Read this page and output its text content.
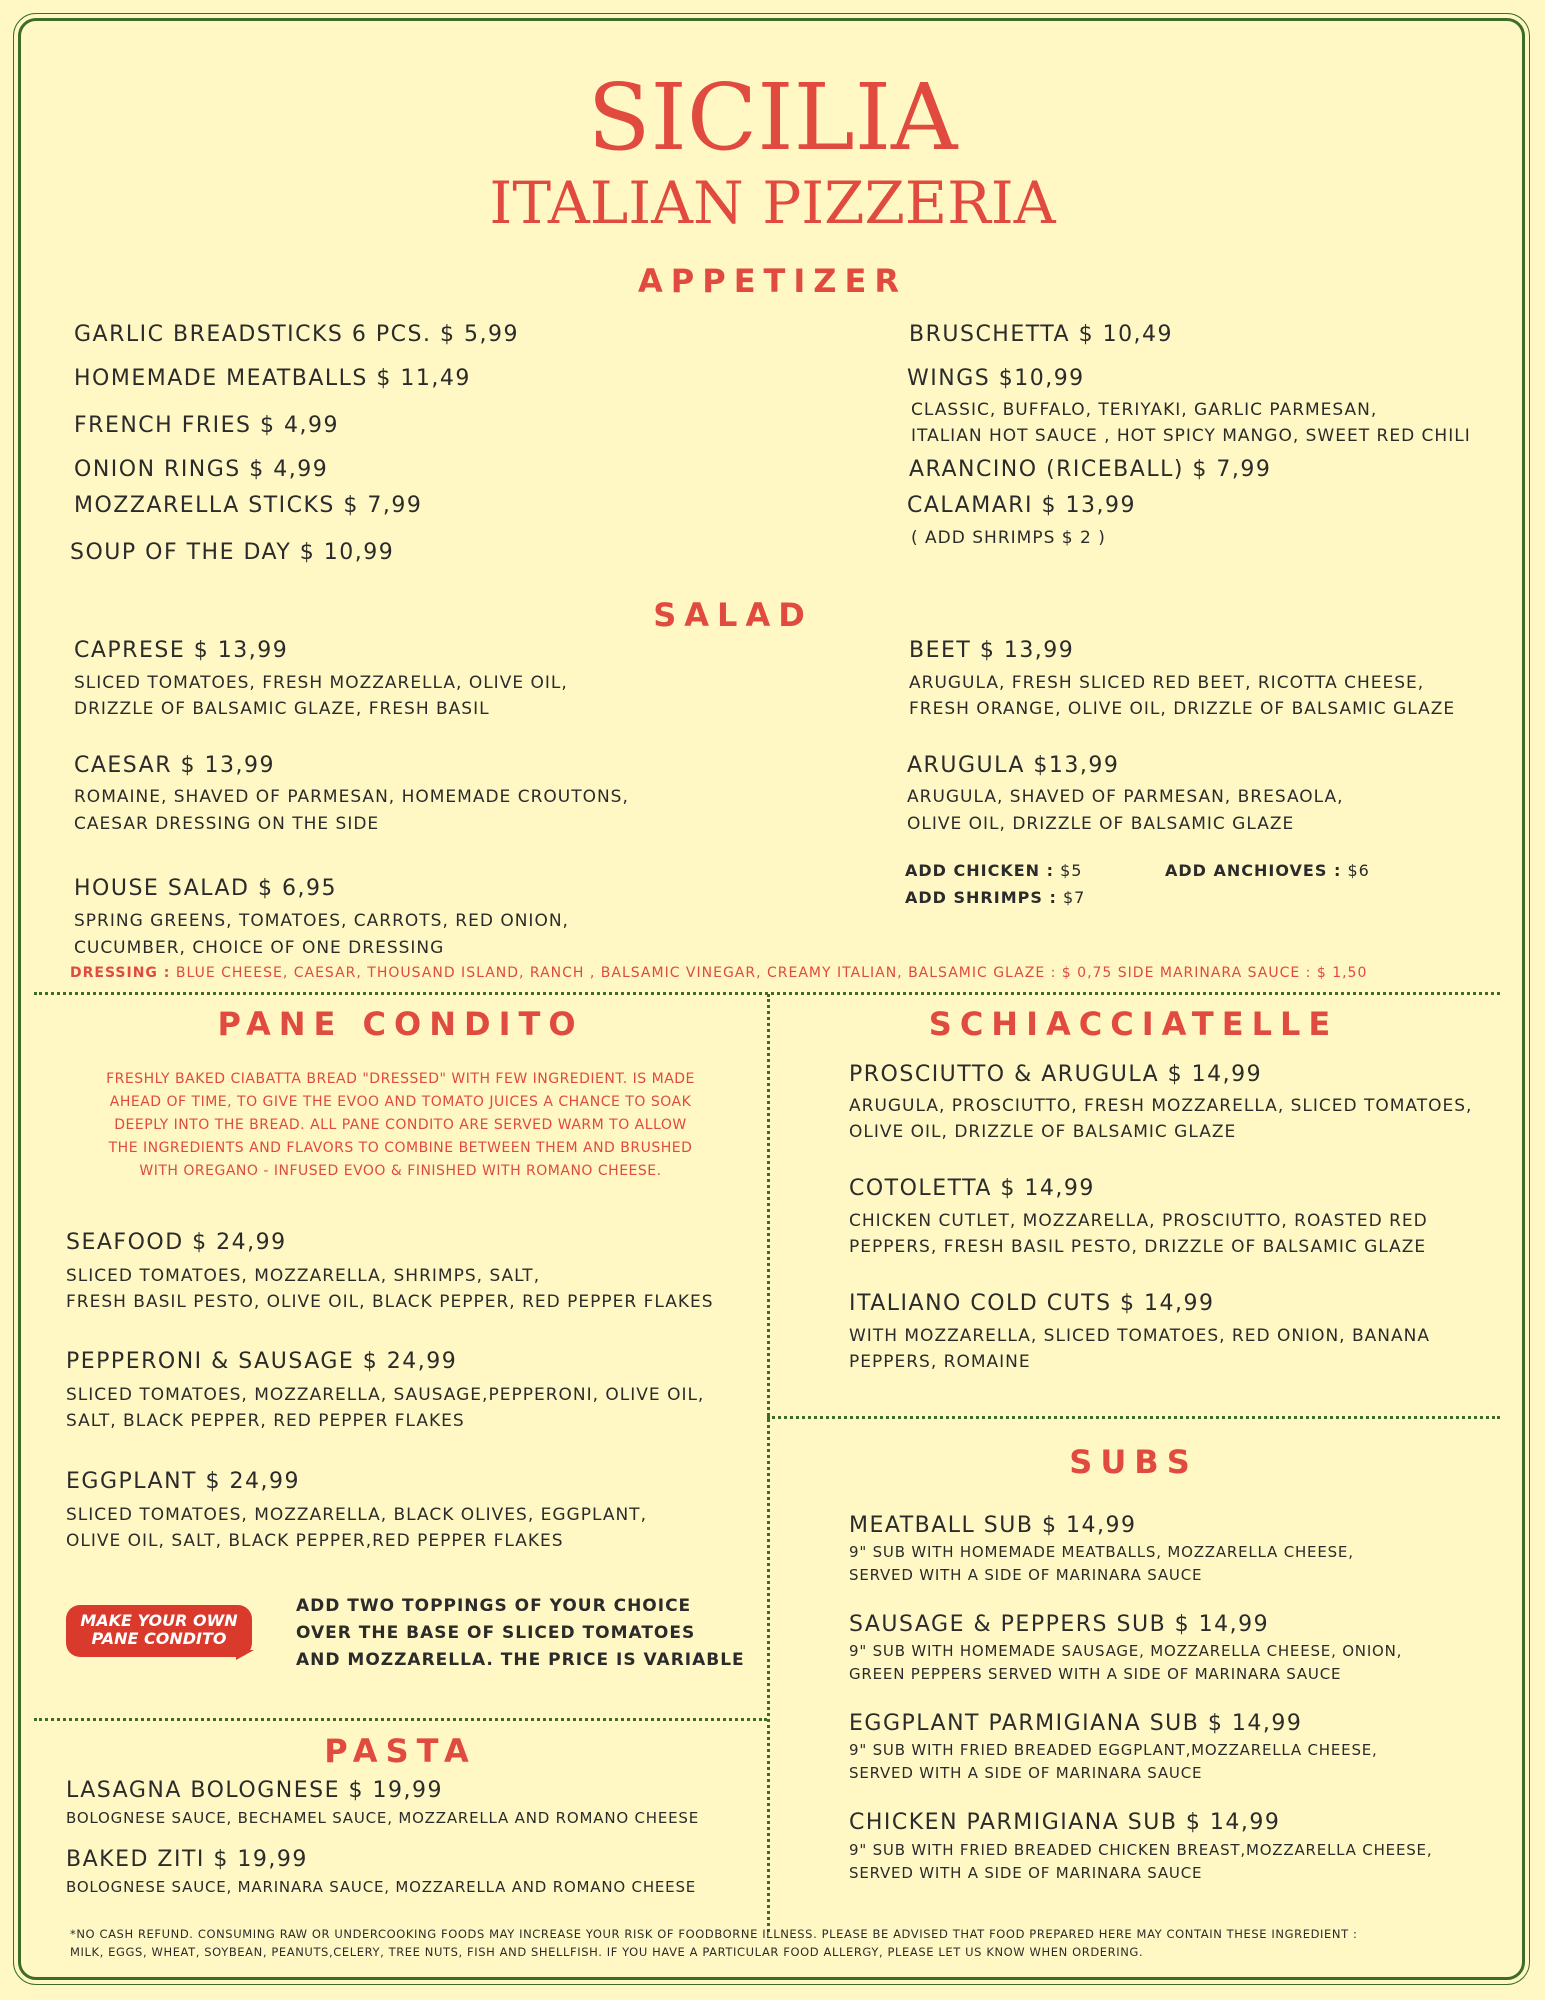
SICILIA
ITALIAN PIZZERIA
APPETIZER
GARLIC BREADSTICKS 6 PCS. $ 5,99
HOMEMADE MEATBALLS $ 11,49
FRENCH FRIES $ 4,99
ONION RINGS $ 4,99
MOZZARELLA STICKS $ 7,99
SOUP OF THE DAY $ 10,99
BRUSCHETTA $ 10,49
WINGS $10,99
CLASSIC, BUFFALO, TERIYAKI, GARLIC PARMESAN,
ITALIAN HOT SAUCE , HOT SPICY MANGO, SWEET RED CHILI
ARANCINO (RICEBALL) $ 7,99
CALAMARI $ 13,99
( ADD SHRIMPS $ 2 )
SALAD
CAPRESE $ 13,99
SLICED TOMATOES, FRESH MOZZARELLA, OLIVE OIL,
DRIZZLE OF BALSAMIC GLAZE, FRESH BASIL
CAESAR $ 13,99
ROMAINE, SHAVED OF PARMESAN, HOMEMADE CROUTONS,
CAESAR DRESSING ON THE SIDE
HOUSE SALAD $ 6,95
SPRING GREENS, TOMATOES, CARROTS, RED ONION,
CUCUMBER, CHOICE OF ONE DRESSING
BEET $ 13,99
ARUGULA, FRESH SLICED RED BEET, RICOTTA CHEESE,
FRESH ORANGE, OLIVE OIL, DRIZZLE OF BALSAMIC GLAZE
ARUGULA $13,99
ARUGULA, SHAVED OF PARMESAN, BRESAOLA,
OLIVE OIL, DRIZZLE OF BALSAMIC GLAZE
ADD CHICKEN : $5	ADD ANCHIOVES : $6
ADD SHRIMPS : $7
DRESSING : BLUE CHEESE, CAESAR, THOUSAND ISLAND, RANCH , BALSAMIC VINEGAR, CREAMY ITALIAN, BALSAMIC GLAZE : $ 0,75 SIDE MARINARA SAUCE : $ 1,50
PANE CONDITO
FRESHLY BAKED CIABATTA BREAD "DRESSED" WITH FEW INGREDIENT. IS MADE
AHEAD OF TIME, TO GIVE THE EVOO AND TOMATO JUICES A CHANCE TO SOAK
DEEPLY INTO THE BREAD. ALL PANE CONDITO ARE SERVED WARM TO ALLOW
THE INGREDIENTS AND FLAVORS TO COMBINE BETWEEN THEM AND BRUSHED
WITH OREGANO - INFUSED EVOO & FINISHED WITH ROMANO CHEESE.
SEAFOOD $ 24,99
SLICED TOMATOES, MOZZARELLA, SHRIMPS, SALT,
FRESH BASIL PESTO, OLIVE OIL, BLACK PEPPER, RED PEPPER FLAKES
PEPPERONI & SAUSAGE $ 24,99
SLICED TOMATOES, MOZZARELLA, SAUSAGE,PEPPERONI, OLIVE OIL,
SALT, BLACK PEPPER, RED PEPPER FLAKES
EGGPLANT $ 24,99
SLICED TOMATOES, MOZZARELLA, BLACK OLIVES, EGGPLANT,
OLIVE OIL, SALT, BLACK PEPPER,RED PEPPER FLAKES
MAKE YOUR OWN
PANE CONDITO
ADD TWO TOPPINGS OF YOUR CHOICE
OVER THE BASE OF SLICED TOMATOES
AND MOZZARELLA. THE PRICE IS VARIABLE
PASTA
LASAGNA BOLOGNESE $ 19,99
BOLOGNESE SAUCE, BECHAMEL SAUCE, MOZZARELLA AND ROMANO CHEESE
BAKED ZITI $ 19,99
BOLOGNESE SAUCE, MARINARA SAUCE, MOZZARELLA AND ROMANO CHEESE
SCHIACCIATELLE
PROSCIUTTO & ARUGULA $ 14,99
ARUGULA, PROSCIUTTO, FRESH MOZZARELLA, SLICED TOMATOES,
OLIVE OIL, DRIZZLE OF BALSAMIC GLAZE
COTOLETTA $ 14,99
CHICKEN CUTLET, MOZZARELLA, PROSCIUTTO, ROASTED RED
PEPPERS, FRESH BASIL PESTO, DRIZZLE OF BALSAMIC GLAZE
ITALIANO COLD CUTS $ 14,99
WITH MOZZARELLA, SLICED TOMATOES, RED ONION, BANANA
PEPPERS, ROMAINE
SUBS
MEATBALL SUB $ 14,99
9" SUB WITH HOMEMADE MEATBALLS, MOZZARELLA CHEESE,
SERVED WITH A SIDE OF MARINARA SAUCE
SAUSAGE & PEPPERS SUB $ 14,99
9" SUB WITH HOMEMADE SAUSAGE, MOZZARELLA CHEESE, ONION,
GREEN PEPPERS SERVED WITH A SIDE OF MARINARA SAUCE
EGGPLANT PARMIGIANA SUB $ 14,99
9" SUB WITH FRIED BREADED EGGPLANT,MOZZARELLA CHEESE,
SERVED WITH A SIDE OF MARINARA SAUCE
CHICKEN PARMIGIANA SUB $ 14,99
9" SUB WITH FRIED BREADED CHICKEN BREAST,MOZZARELLA CHEESE,
SERVED WITH A SIDE OF MARINARA SAUCE
*NO CASH REFUND. CONSUMING RAW OR UNDERCOOKING FOODS MAY INCREASE YOUR RISK OF FOODBORNE ILLNESS. PLEASE BE ADVISED THAT FOOD PREPARED HERE MAY CONTAIN THESE INGREDIENT :
MILK, EGGS, WHEAT, SOYBEAN, PEANUTS,CELERY, TREE NUTS, FISH AND SHELLFISH. IF YOU HAVE A PARTICULAR FOOD ALLERGY, PLEASE LET US KNOW WHEN ORDERING.
